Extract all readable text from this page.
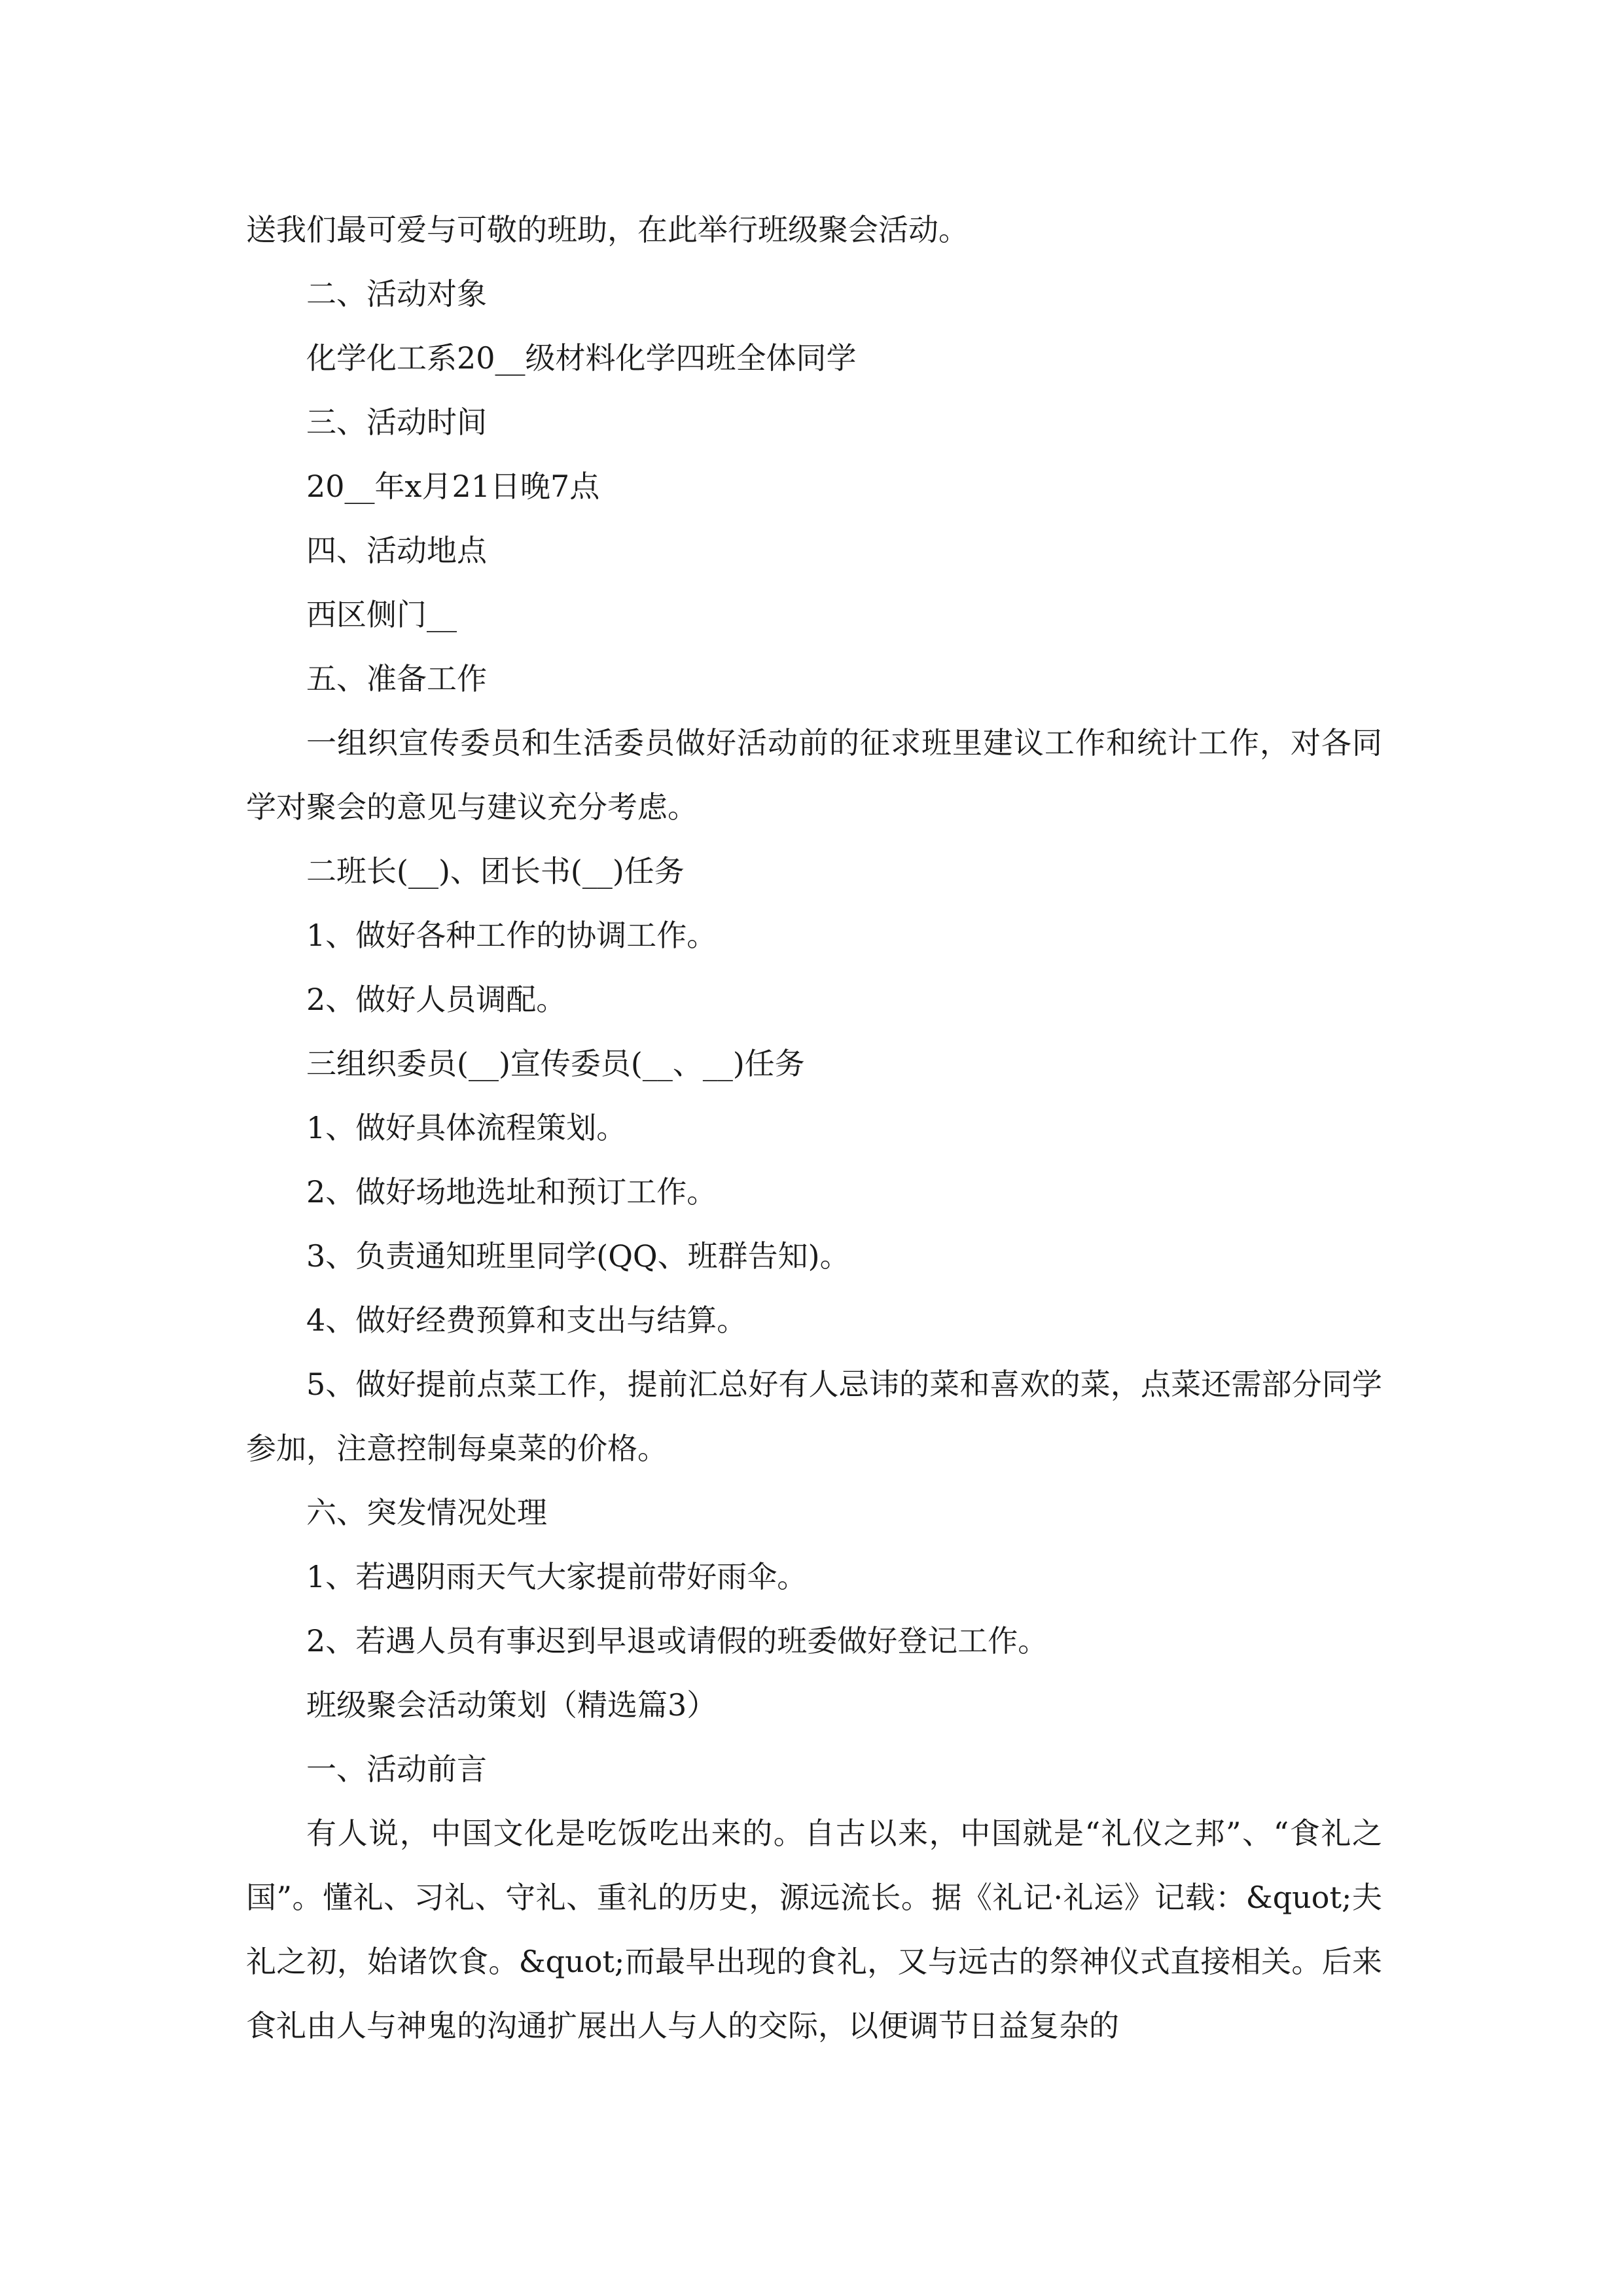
送我们最可爱与可敬的班助，在此举行班级聚会活动。

二、活动对象

化学化工系20__级材料化学四班全体同学

三、活动时间

20__年x月21日晚7点

四、活动地点

西区侧门__

五、准备工作

一组织宣传委员和生活委员做好活动前的征求班里建议工作和统计工作，对各同学对聚会的意见与建议充分考虑。

二班长(__)、团长书(__)任务

1、做好各种工作的协调工作。

2、做好人员调配。

三组织委员(__)宣传委员(__、__)任务

1、做好具体流程策划。

2、做好场地选址和预订工作。

3、负责通知班里同学(QQ、班群告知)。

4、做好经费预算和支出与结算。

5、做好提前点菜工作，提前汇总好有人忌讳的菜和喜欢的菜，点菜还需部分同学参加，注意控制每桌菜的价格。

六、突发情况处理

1、若遇阴雨天气大家提前带好雨伞。

2、若遇人员有事迟到早退或请假的班委做好登记工作。

班级聚会活动策划（精选篇3）

一、活动前言

有人说，中国文化是吃饭吃出来的。自古以来，中国就是“礼仪之邦”、“食礼之国”。懂礼、习礼、守礼、重礼的历史，源远流长。据《礼记·礼运》记载：&quot;夫礼之初，始诸饮食。&quot;而最早出现的食礼，又与远古的祭神仪式直接相关。后来食礼由人与神鬼的沟通扩展出人与人的交际，以便调节日益复杂的
